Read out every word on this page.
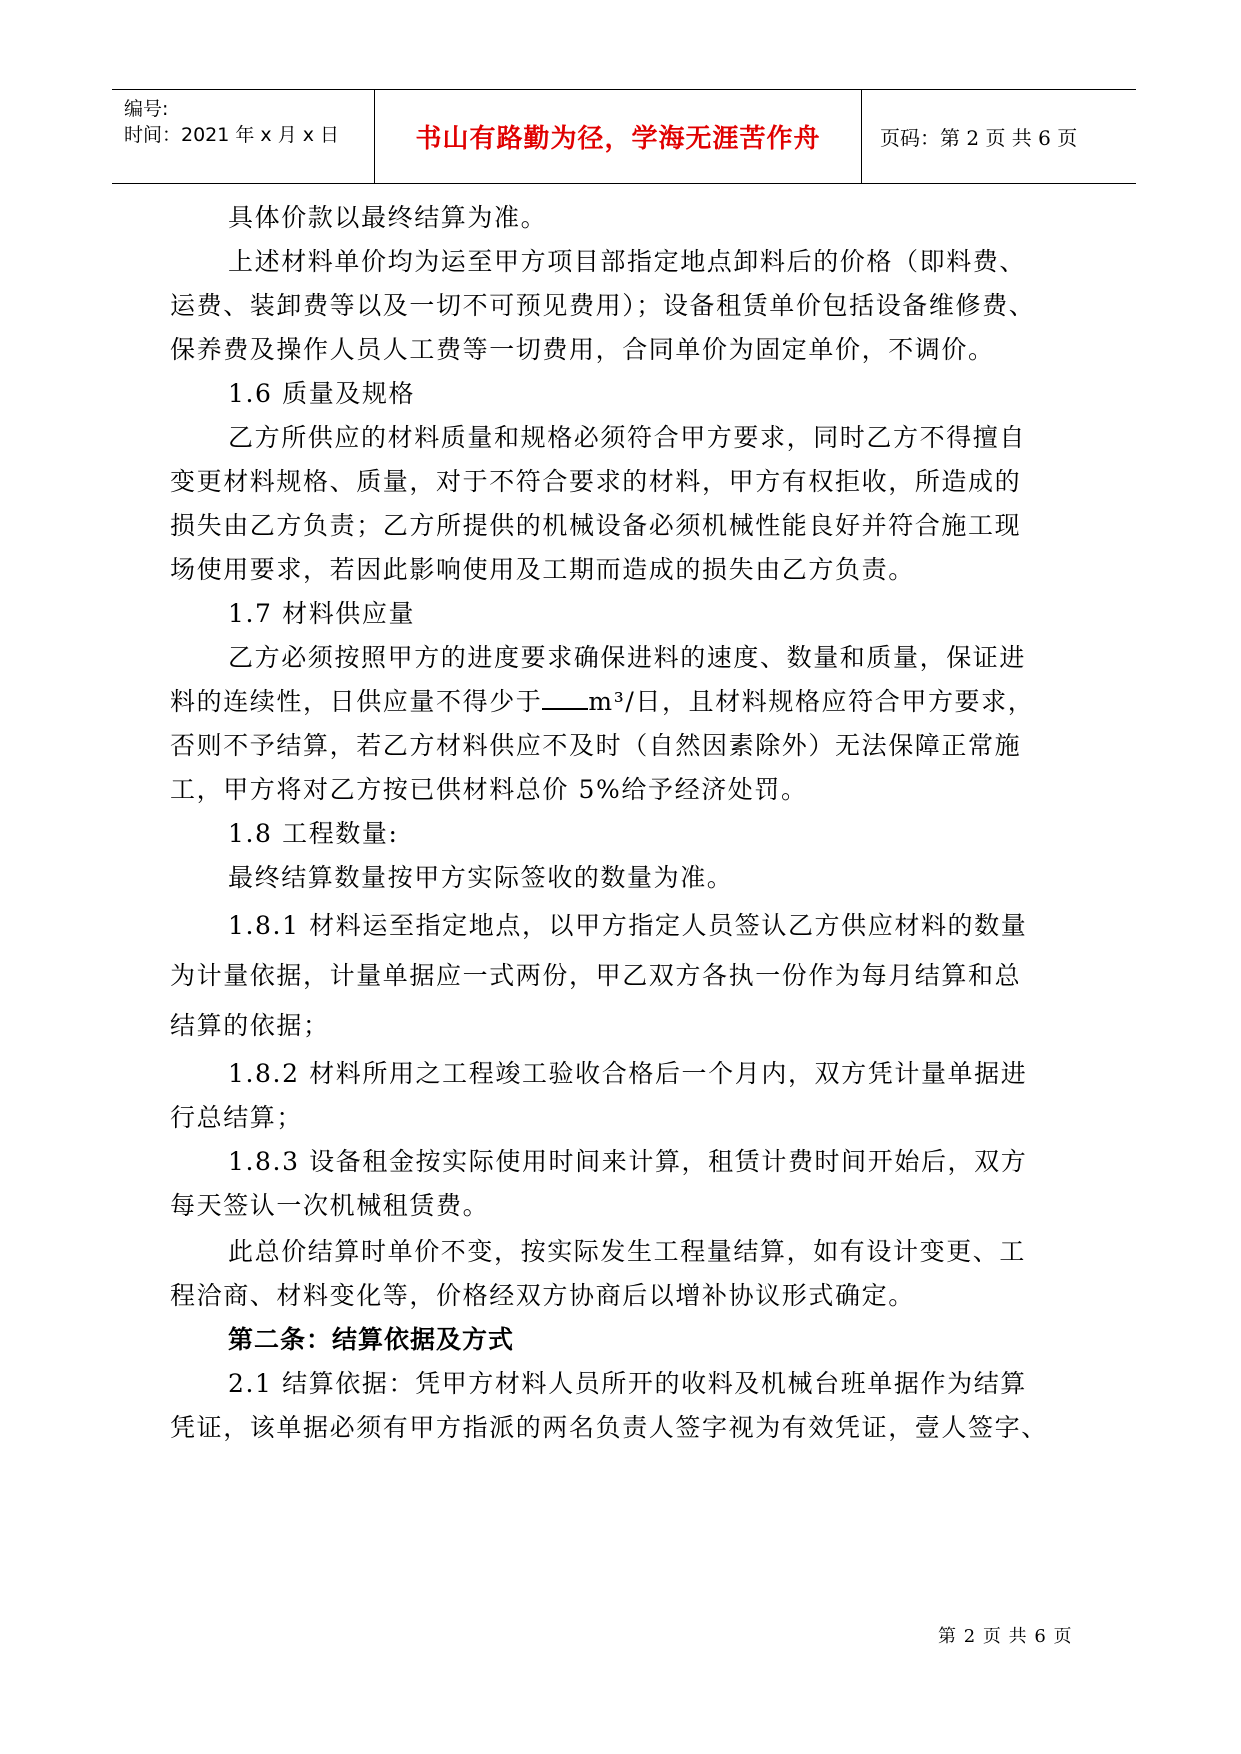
编号:
时间：2021 年 x 月 x 日	书山有路勤为径，学海无涯苦作舟	页码：第 2 页 共 6 页
具体价款以最终结算为准。
上述材料单价均为运至甲方项目部指定地点卸料后的价格（即料费、
运费、装卸费等以及一切不可预见费用）；设备租赁单价包括设备维修费、
保养费及操作人员人工费等一切费用，合同单价为固定单价，不调价。
1.6 质量及规格
乙方所供应的材料质量和规格必须符合甲方要求，同时乙方不得擅自
变更材料规格、质量，对于不符合要求的材料，甲方有权拒收，所造成的
损失由乙方负责；乙方所提供的机械设备必须机械性能良好并符合施工现
场使用要求，若因此影响使用及工期而造成的损失由乙方负责。
1.7 材料供应量
乙方必须按照甲方的进度要求确保进料的速度、数量和质量，保证进
料的连续性，日供应量不得少于 m³/日，且材料规格应符合甲方要求，
否则不予结算，若乙方材料供应不及时（自然因素除外）无法保障正常施
工，甲方将对乙方按已供材料总价 5%给予经济处罚。
1.8 工程数量:
最终结算数量按甲方实际签收的数量为准。
1.8.1 材料运至指定地点，以甲方指定人员签认乙方供应材料的数量
为计量依据，计量单据应一式两份，甲乙双方各执一份作为每月结算和总
结算的依据；
1.8.2 材料所用之工程竣工验收合格后一个月内，双方凭计量单据进
行总结算；
1.8.3 设备租金按实际使用时间来计算，租赁计费时间开始后，双方
每天签认一次机械租赁费。
此总价结算时单价不变，按实际发生工程量结算，如有设计变更、工
程洽商、材料变化等，价格经双方协商后以增补协议形式确定。
第二条：结算依据及方式
2.1 结算依据：凭甲方材料人员所开的收料及机械台班单据作为结算
凭证，该单据必须有甲方指派的两名负责人签字视为有效凭证，壹人签字、
第 2 页 共 6 页
